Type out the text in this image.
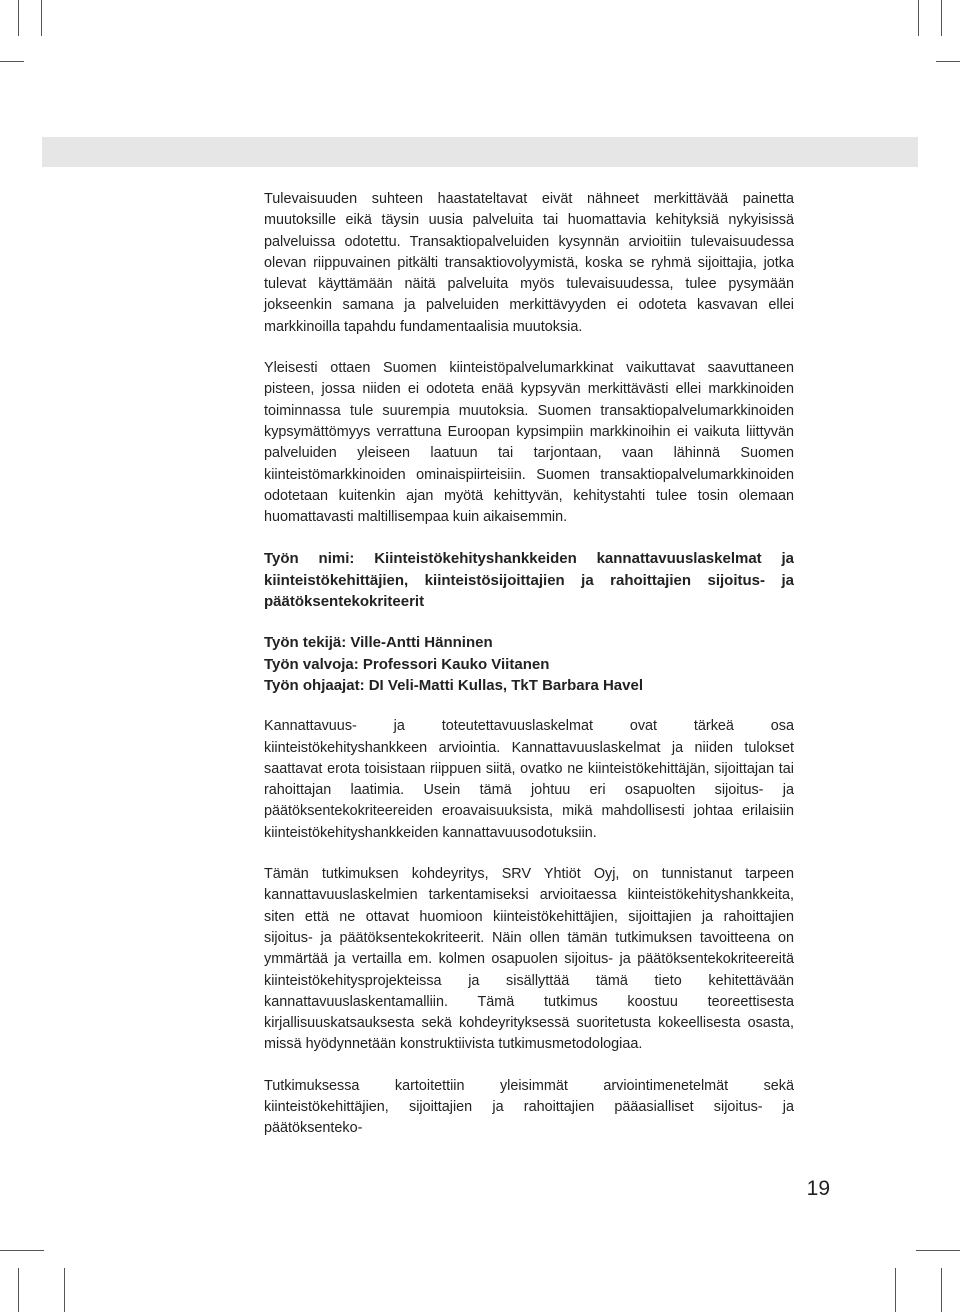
Tulevaisuuden suhteen haastateltavat eivät nähneet merkittävää painetta muutoksille eikä täysin uusia palveluita tai huomattavia kehityksiä nykyisissä palveluissa odotettu. Transaktiopalveluiden kysynnän arvioitiin tulevaisuudessa olevan riippuvainen pitkälti transaktiovolyymistä, koska se ryhmä sijoittajia, jotka tulevat käyttämään näitä palveluita myös tulevaisuudessa, tulee pysymään jokseenkin samana ja palveluiden merkittävyyden ei odoteta kasvavan ellei markkinoilla tapahdu fundamentaalisia muutoksia.

Yleisesti ottaen Suomen kiinteistöpalvelumarkkinat vaikuttavat saavuttaneen pisteen, jossa niiden ei odoteta enää kypsyvän merkittävästi ellei markkinoiden toiminnassa tule suurempia muutoksia. Suomen transaktiopalvelumarkkinoiden kypsymättömyys verrattuna Euroopan kypsimpiin markkinoihin ei vaikuta liittyvän palveluiden yleiseen laatuun tai tarjontaan, vaan lähinnä Suomen kiinteistömarkkinoiden ominaispiirteisiin. Suomen transaktiopalvelumarkkinoiden odotetaan kuitenkin ajan myötä kehittyvän, kehitystahti tulee tosin olemaan huomattavasti maltillisempaa kuin aikaisemmin.

Työn nimi: Kiinteistökehityshankkeiden kannattavuuslaskelmat ja kiinteistökehittäjien, kiinteistösijoittajien ja rahoittajien sijoitus- ja päätöksentekokriteerit

Työn tekijä: Ville-Antti Hänninen
Työn valvoja: Professori Kauko Viitanen
Työn ohjaajat: DI Veli-Matti Kullas, TkT Barbara Havel

Kannattavuus- ja toteutettavuuslaskelmat ovat tärkeä osa kiinteistökehityshankkeen arviointia. Kannattavuuslaskelmat ja niiden tulokset saattavat erota toisistaan riippuen siitä, ovatko ne kiinteistökehittäjän, sijoittajan tai rahoittajan laatimia. Usein tämä johtuu eri osapuolten sijoitus- ja päätöksentekokriteereiden eroavaisuuksista, mikä mahdollisesti johtaa erilaisiin kiinteistökehityshankkeiden kannattavuusodotuksiin.

Tämän tutkimuksen kohdeyritys, SRV Yhtiöt Oyj, on tunnistanut tarpeen kannattavuuslaskelmien tarkentamiseksi arvioitaessa kiinteistökehityshankkeita, siten että ne ottavat huomioon kiinteistökehittäjien, sijoittajien ja rahoittajien sijoitus- ja päätöksentekokriteerit. Näin ollen tämän tutkimuksen tavoitteena on ymmärtää ja vertailla em. kolmen osapuolen sijoitus- ja päätöksentekokriteereitä kiinteistökehitysprojekteissa ja sisällyttää tämä tieto kehitettävään kannattavuuslaskentamalliin. Tämä tutkimus koostuu teoreettisesta kirjallisuuskatsauksesta sekä kohdeyrityksessä suoritetusta kokeellisesta osasta, missä hyödynnetään konstruktiivista tutkimusmetodologiaa.

Tutkimuksessa kartoitettiin yleisimmät arviointimenetelmät sekä kiinteistökehittäjien, sijoittajien ja rahoittajien pääasialliset sijoitus- ja päätöksenteko-

19
